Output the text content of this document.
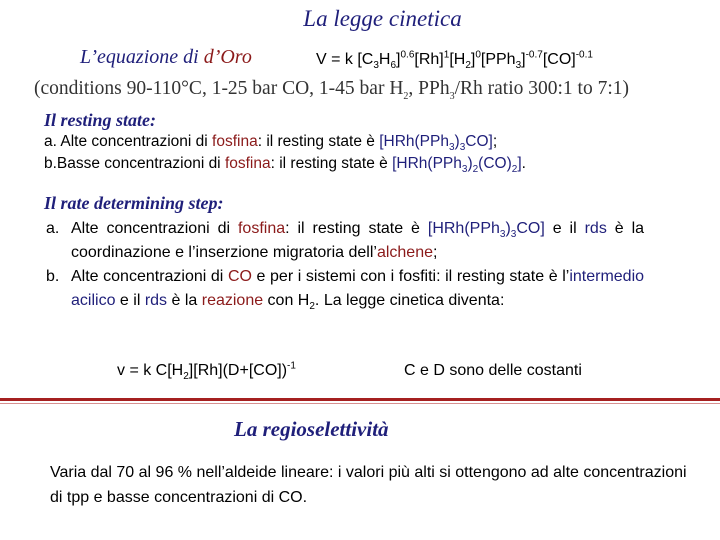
La legge cinetica
L’equazione di d’Oro	V = k $[C_3H_6]^{0.6}[Rh]^1[H_2]^0[PPh_3]^{-0.7}[CO]^{-0.1}$
(conditions 90-110°C, 1-25 bar CO, 1-45 bar $H_2$, PPh$_3$/Rh ratio 300:1 to 7:1)
Il resting state:
a. Alte concentrazioni di fosfina: il resting state è $[HRh(PPh_3)_3CO]$;
b.Basse concentrazioni di fosfina: il resting state è $[HRh(PPh_3)_2(CO)_2]$.
Il rate determining step:
a. Alte concentrazioni di fosfina: il resting state è $[HRh(PPh_3)_3CO]$ e il rds è la coordinazione e l’inserzione migratoria dell’alchene;
b. Alte concentrazioni di CO e per i sistemi con i fosfiti: il resting state è l’intermedio acilico e il rds è la reazione con $H_2$. La legge cinetica diventa:
v = k $C[H_2][Rh](D+[CO])^{-1}$	C e D sono delle costanti
La regioselettività
Varia dal 70 al 96 % nell’aldeide lineare: i valori più alti si ottengono ad alte concentrazioni di tpp e basse concentrazioni di CO.
